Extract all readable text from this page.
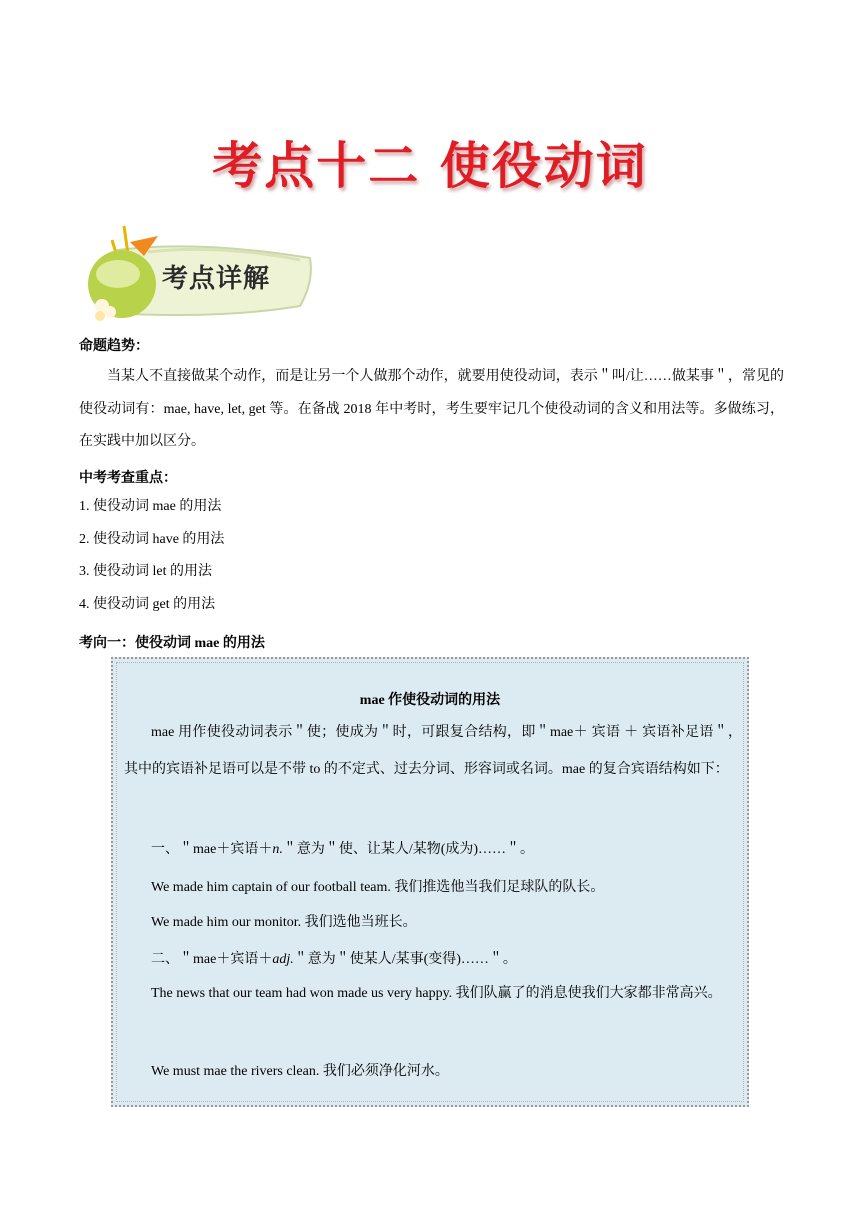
考点十二 使役动词
考点详解
命题趋势：
当某人不直接做某个动作，而是让另一个人做那个动作，就要用使役动词，表示＂叫/让……做某事＂，常见的使役动词有：mae, have, let, get 等。在备战 2018 年中考时，考生要牢记几个使役动词的含义和用法等。多做练习，在实践中加以区分。
中考考查重点：
1. 使役动词 mae 的用法
2. 使役动词 have 的用法
3. 使役动词 let 的用法
4. 使役动词 get 的用法
考向一：使役动词 mae 的用法
mae 作使役动词的用法
mae 用作使役动词表示＂使；使成为＂时，可跟复合结构，即＂mae＋ 宾语 ＋ 宾语补足语＂，其中的宾语补足语可以是不带 to 的不定式、过去分词、形容词或名词。mae 的复合宾语结构如下：
一、＂mae＋宾语＋n.＂意为＂使、让某人/某物(成为)……＂。
We made him captain of our football team. 我们推选他当我们足球队的队长。
We made him our monitor. 我们选他当班长。
二、＂mae＋宾语＋adj.＂意为＂使某人/某事(变得)……＂。
The news that our team had won made us very happy. 我们队赢了的消息使我们大家都非常高兴。
We must mae the rivers clean. 我们必须净化河水。
